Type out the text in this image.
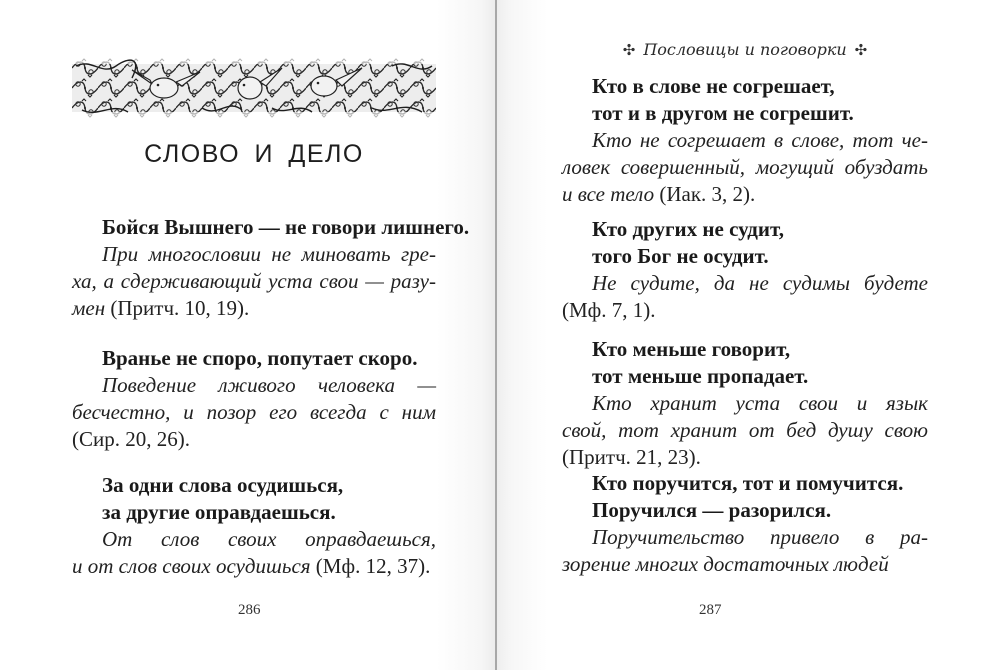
СЛОВО И ДЕЛО
286
✣ Пословицы и поговорки ✣
287
Бойся Вышнего — не говори лишнего.
При многословии не миновать гре-
ха, а сдерживающий уста свои — разу-
мен (Притч. 10, 19).
Вранье не споро, попутает скоро.
Поведение лживого человека —
бесчестно, и позор его всегда с ним
(Сир. 20, 26).
За одни слова осудишься,
за другие оправдаешься.
От слов своих оправдаешься,
и от слов своих осудишься (Мф. 12, 37).
Кто в слове не согрешает,
тот и в другом не согрешит.
Кто не согрешает в слове, тот че-
ловек совершенный, могущий обуздать
и все тело (Иак. 3, 2).
Кто других не судит,
того Бог не осудит.
Не судите, да не судимы будете
(Мф. 7, 1).
Кто меньше говорит,
тот меньше пропадает.
Кто хранит уста свои и язык
свой, тот хранит от бед душу свою
(Притч. 21, 23).
Кто поручится, тот и помучится.
Поручился — разорился.
Поручительство привело в ра-
зорение многих достаточных людей
